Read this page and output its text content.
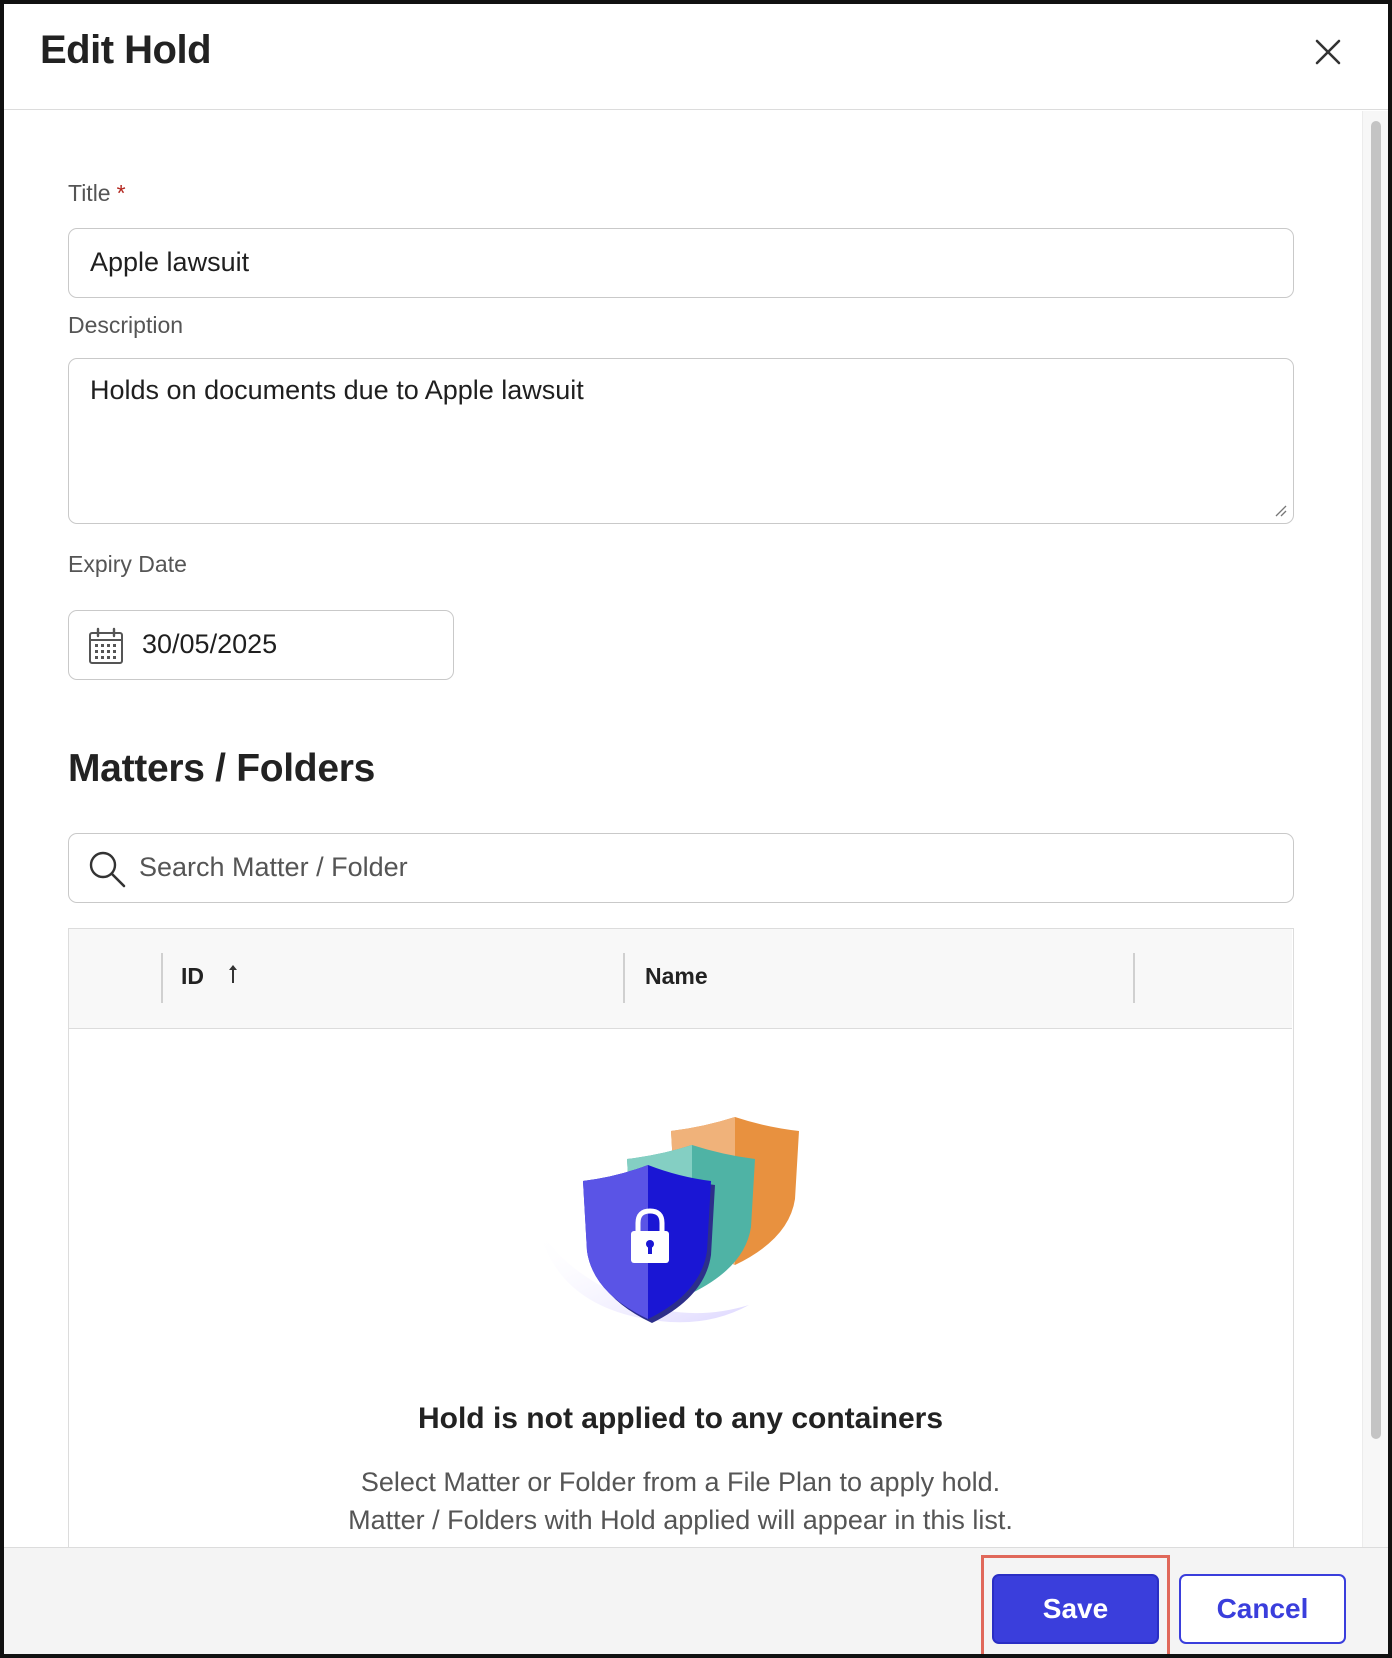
Edit Hold
Title *
Apple lawsuit
Description
Holds on documents due to Apple lawsuit
Expiry Date
30/05/2025
Matters / Folders
Search Matter / Folder
ID	Name
Hold is not applied to any containers
Select Matter or Folder from a File Plan to apply hold.
Matter / Folders with Hold applied will appear in this list.
Save	Cancel
